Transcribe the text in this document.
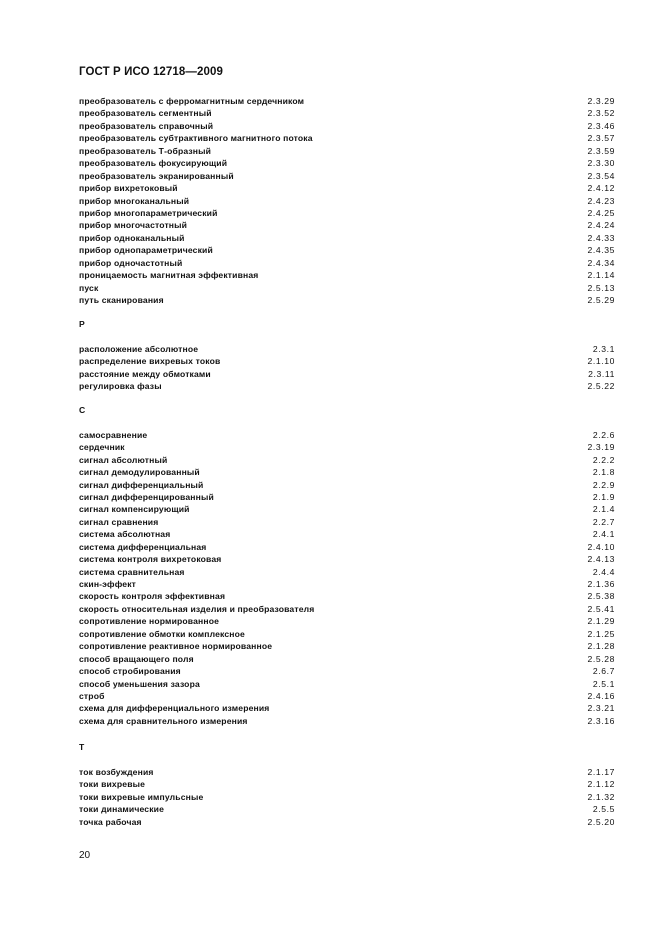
ГОСТ Р ИСО 12718—2009
преобразователь с ферромагнитным сердечником	2.3.29
преобразователь сегментный	2.3.52
преобразователь справочный	2.3.46
преобразователь субтрактивного магнитного потока	2.3.57
преобразователь Т-образный	2.3.59
преобразователь фокусирующий	2.3.30
преобразователь экранированный	2.3.54
прибор вихретоковый	2.4.12
прибор многоканальный	2.4.23
прибор многопараметрический	2.4.25
прибор многочастотный	2.4.24
прибор одноканальный	2.4.33
прибор однопараметрический	2.4.35
прибор одночастотный	2.4.34
проницаемость магнитная эффективная	2.1.14
пуск	2.5.13
путь сканирования	2.5.29
Р
расположение абсолютное	2.3.1
распределение вихревых токов	2.1.10
расстояние между обмотками	2.3.11
регулировка фазы	2.5.22
С
самосравнение	2.2.6
сердечник	2.3.19
сигнал абсолютный	2.2.2
сигнал демодулированный	2.1.8
сигнал дифференциальный	2.2.9
сигнал дифференцированный	2.1.9
сигнал компенсирующий	2.1.4
сигнал сравнения	2.2.7
система абсолютная	2.4.1
система дифференциальная	2.4.10
система контроля вихретоковая	2.4.13
система сравнительная	2.4.4
скин-эффект	2.1.36
скорость контроля эффективная	2.5.38
скорость относительная изделия и преобразователя	2.5.41
сопротивление нормированное	2.1.29
сопротивление обмотки комплексное	2.1.25
сопротивление реактивное нормированное	2.1.28
способ вращающего поля	2.5.28
способ стробирования	2.6.7
способ уменьшения зазора	2.5.1
строб	2.4.16
схема для дифференциального измерения	2.3.21
схема для сравнительного измерения	2.3.16
Т
ток возбуждения	2.1.17
токи вихревые	2.1.12
токи вихревые импульсные	2.1.32
токи динамические	2.5.5
точка рабочая	2.5.20
20
